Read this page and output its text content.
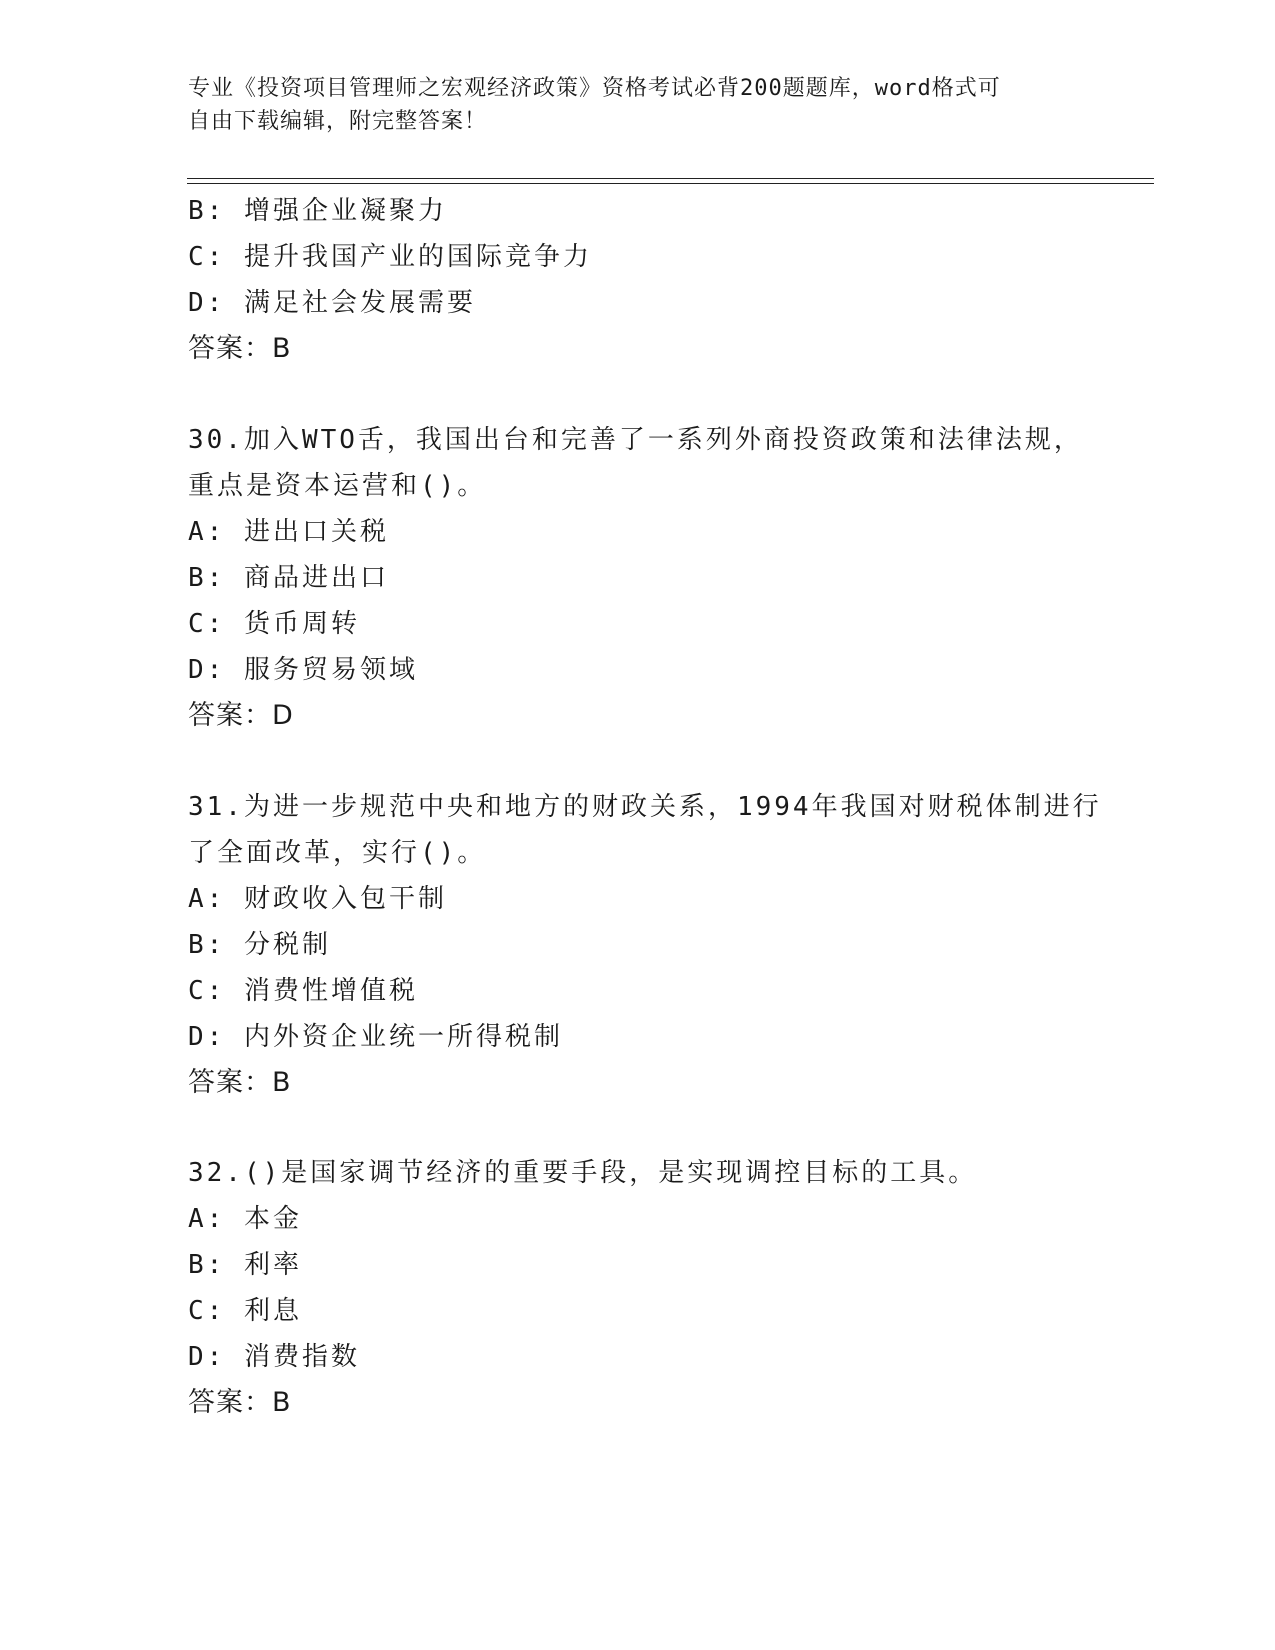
专业《投资项目管理师之宏观经济政策》资格考试必背200题题库，word格式可
自由下载编辑，附完整答案！
B: 增强企业凝聚力
C: 提升我国产业的国际竞争力
D: 满足社会发展需要
答案：B
30.加入WTO舌，我国出台和完善了一系列外商投资政策和法律法规，
重点是资本运营和()。
A: 进出口关税
B: 商品进出口
C: 货币周转
D: 服务贸易领域
答案：D
31.为进一步规范中央和地方的财政关系，1994年我国对财税体制进行
了全面改革，实行()。
A: 财政收入包干制
B: 分税制
C: 消费性增值税
D: 内外资企业统一所得税制
答案：B
32.()是国家调节经济的重要手段，是实现调控目标的工具。
A: 本金
B: 利率
C: 利息
D: 消费指数
答案：B
